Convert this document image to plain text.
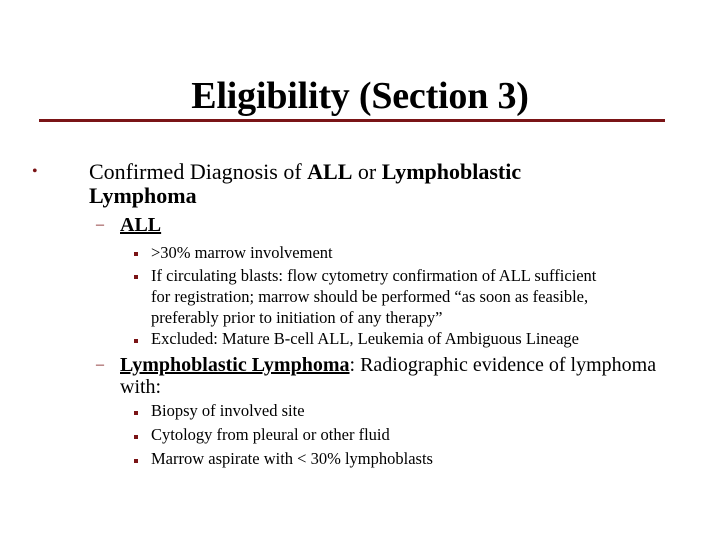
Eligibility (Section 3)
• Confirmed Diagnosis of ALL or Lymphoblastic
Lymphoma
– ALL
>30% marrow involvement
If circulating blasts: flow cytometry confirmation of ALL sufficient
for registration; marrow should be performed “as soon as feasible,
preferably prior to initiation of any therapy”
Excluded: Mature B-cell ALL, Leukemia of Ambiguous Lineage
– Lymphoblastic Lymphoma: Radiographic evidence of lymphoma
with:
Biopsy of involved site
Cytology from pleural or other fluid
Marrow aspirate with < 30% lymphoblasts
